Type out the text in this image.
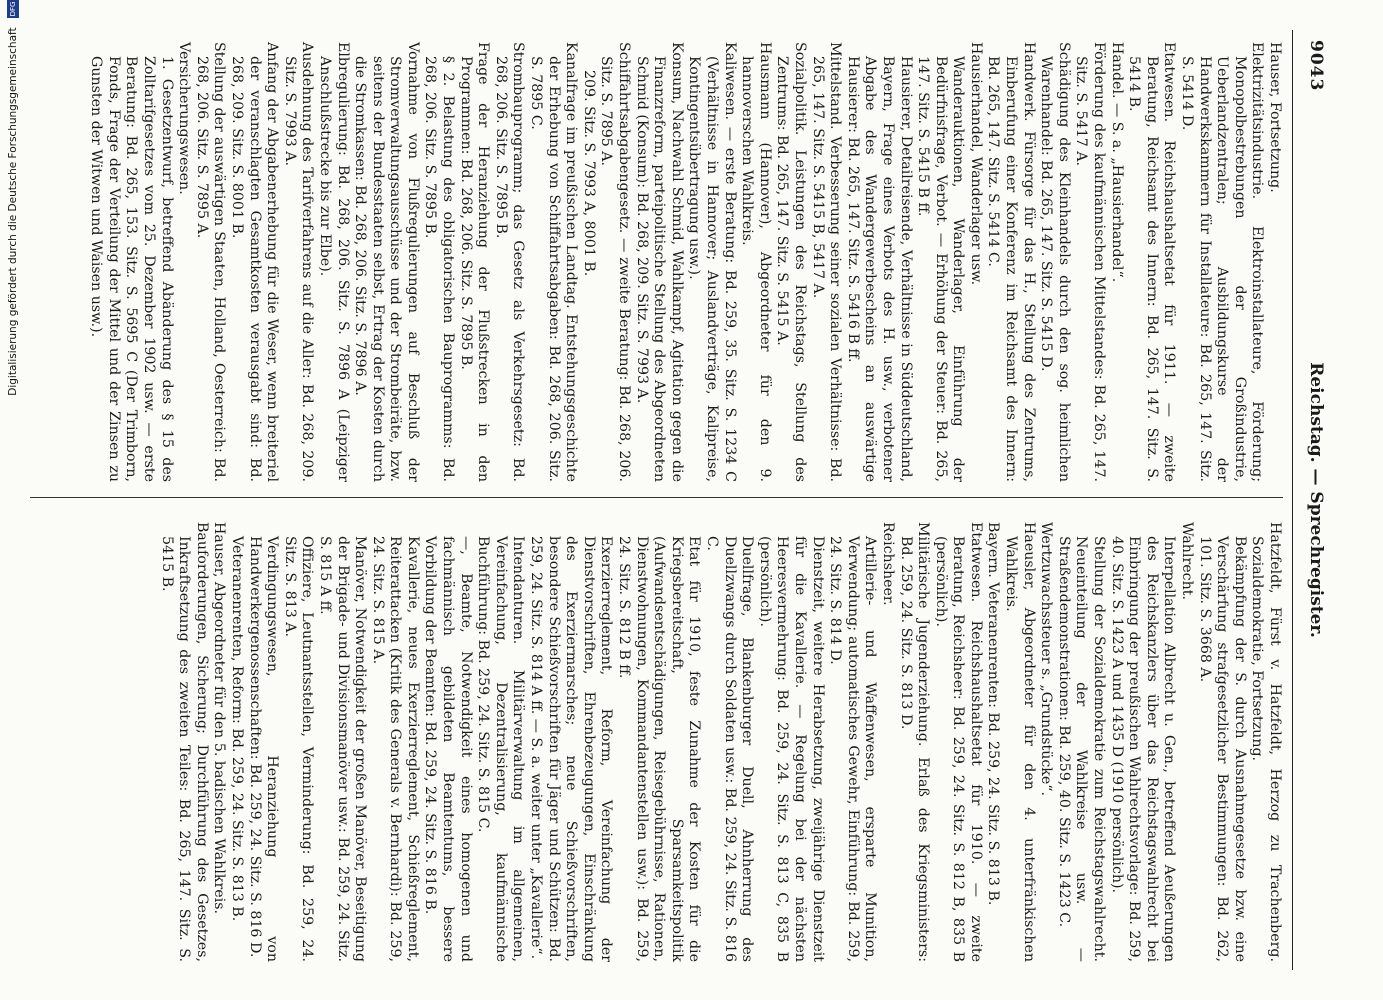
9043
Reichstag. — Sprechregister.

Hauser, Fortsetzung.

Elektrizitätsindustrie. Elektroinstallateure, Förderung; Monopolbestrebungen der Großindustrie, Ueberlandzentralen; Ausbildungskurse der Handwerkskammern für Installateure: Bd. 265, 147. Sitz. S. 5414 D.

Etatwesen. Reichshaushaltsetat für 1911. — zweite Beratung, Reichsamt des Innern: Bd. 265, 147. Sitz. S. 5414 B.

Handel. — S. a. „Hausierhandel“.

Förderung des kaufmännischen Mittelstandes: Bd. 265, 147. Sitz. S. 5417 A.

Schädigung des Kleinhandels durch den sog. heimlichen Warenhandel: Bd. 265, 147. Sitz. S. 5415 D.

Handwerk. Fürsorge für das H., Stellung des Zentrums, Einberufung einer Konferenz im Reichsamt des Innern: Bd. 265, 147. Sitz. S. 5414 C.

Hausierhandel, Wanderlager usw.

Wanderauktionen, Wanderlager, Einführung der Bedürfnisfrage, Verbot. — Erhöhung der Steuer: Bd. 265, 147. Sitz. S. 5415 B ff.

Hausierer, Detailreisende, Verhältnisse in Süddeutschland, Bayern, Frage eines Verbots des H. usw., verbotener Abgabe des Wandergewerbescheins an auswärtige Hausierer: Bd. 265, 147. Sitz. S. 5416 B ff.

Mittelstand. Verbesserung seiner sozialen Verhältnisse: Bd. 265, 147. Sitz. S. 5415 B, 5417 A.

Sozialpolitik. Leistungen des Reichstags, Stellung des Zentrums: Bd. 265, 147. Sitz. S. 5415 A.

Hausmann (Hannover), Abgeordneter für den 9. hannoverschen Wahlkreis.

Kaliwesen. — erste Beratung: Bd. 259, 35. Sitz. S. 1234 C (Verhältnisse in Hannover; Auslandverträge, Kalipreise, Kontingentsübertragung usw.).

Konsum, Nachwahl Schmid, Wahlkampf, Agitation gegen die Finanzreform, parteipolitische Stellung des Abgeordneten Schmid (Konsum): Bd. 268, 209. Sitz. S. 7993 A.

Schiffahrtsabgabengesetz. — zweite Beratung: Bd. 268, 206. Sitz. S. 7895 A.

209. Sitz. S. 7993 A, 8001 B.

Kanalfrage im preußischen Landtag. Entstehungsgeschichte der Erhebung von Schiffahrtsabgaben: Bd. 268, 206. Sitz. S. 7895 C.

Strombauprogramm; das Gesetz als Verkehrsgesetz: Bd. 268, 206. Sitz. S. 7895 B.

Frage der Heranziehung der Flußstrecken in den Programmen: Bd. 268, 206. Sitz. S. 7895 B.

§ 2. Belastung des obligatorischen Bauprogramms: Bd. 268, 206. Sitz. S. 7895 B.

Vornahme von Flußregulierungen auf Beschluß der Stromverwaltungsausschüsse und der Strombeiräte, bzw. seitens der Bundesstaaten selbst, Ertrag der Kosten durch die Stromkassen: Bd. 268, 206. Sitz. S. 7896 A.

Elbregulierung: Bd. 268, 206. Sitz. S. 7896 A (Leipziger Anschlußstrecke bis zur Elbe).

Ausdehnung des Tarifverfahrens auf die Aller: Bd. 268, 209. Sitz. S. 7993 A.

Anfang der Abgabenerhebung für die Weser, wenn breiteriel der veranschlagten Gesamtkosten verausgabt sind: Bd. 268, 209. Sitz. S. 8001 B.

Stellung der auswärtigen Staaten, Holland, Oesterreich: Bd. 268, 206. Sitz. S. 7895 A.

Versicherungswesen.

1. Gesetzentwurf, betreffend Abänderung des § 15 des Zolltarifgesetzes vom 25. Dezember 1902 usw. — erste Beratung: Bd. 265, 153. Sitz. S. 5695 C (Der Trimborn, Fonds, Frage der Verteilung der Mittel und der Zinsen zu Gunsten der Witwen und Waisen usw.).

Hatzfeldt, Fürst v. Hatzfeldt, Herzog zu Trachenberg. Sozialdemokratie, Fortsetzung.

Bekämpfung der S. durch Ausnahmegesetze bzw. eine Verschärfung strafgesetzlicher Bestimmungen: Bd. 262, 101. Sitz. S. 3668 A.

Wahlrecht.

Interpellation Albrecht u. Gen., betreffend Aeußerungen des Reichskanzlers über das Reichstagswahlrecht bei Einbringung der preußischen Wahlrechtsvorlage: Bd. 259, 40. Sitz. S. 1423 A und 1435 D (1910 persönlich).

Stellung der Sozialdemokratie zum Reichstagswahlrecht. Neueinteilung der Wahlkreise usw. — Straßendemonstrationen: Bd. 259, 40. Sitz. S. 1423 C.

Wertzuwachssteuer s. „Grundstücke“.

Haeusler, Abgeordneter für den 4. unterfränkischen Wahlkreis.

Bayern. Veteranenrenten: Bd. 259, 24. Sitz. S. 813 B.

Etatwesen. Reichshaushaltsetat für 1910. — zweite Beratung, Reichsheer: Bd. 259, 24. Sitz. S. 812 B, 835 B (persönlich).

Militärische Jugenderziehung. Erlaß des Kriegsministers: Bd. 259, 24. Sitz. S. 813 D.

Reichsheer.

Artillerie- und Waffenwesen, ersparte Munition, Verwendung; automatisches Gewehr, Einführung: Bd. 259, 24. Sitz. S. 814 D.

Dienstzeit, weitere Herabsetzung, zweijährige Dienstzeit für die Kavallerie. — Regelung bei der nächsten Heeresvermehrung: Bd. 259, 24. Sitz. S. 813 C, 835 B (persönlich).

Duellfrage, Blankenburger Duell, Ahnherrung des Duellzwangs durch Soldaten usw.: Bd. 259, 24. Sitz. S. 816 C.

Etat für 1910, feste Zunahme der Kosten für die Kriegsbereitschaft, Sparsamkeitspolitik (Aufwandsentschädigungen, Reisegebührnisse, Rationen, Dienstwohnungen, Kommandantenstellen usw.): Bd. 259, 24. Sitz. S. 812 B ff.

Exerzierreglement, Reform, Vereinfachung der Dienstvorschriften, Ehrenbezeugungen, Einschränkung des Exerziermarsches; neue Schießvorschriften, besondere Schießvorschriften für Jäger und Schützen: Bd. 259, 24. Sitz. S. 814 A ff. — S. a. weiter unter „Kavallerie“.

Intendanturen. Militärverwaltung im allgemeinen, Vereinfachung, Dezentralisierung, kaufmännische Buchführung: Bd. 259, 24. Sitz. S. 815 C.

—, Beamte, Notwendigkeit eines homogenen und fachmännisch gebildeten Beamtentums, bessere Vorbildung der Beamten: Bd. 259, 24. Sitz. S. 816 B.

Kavallerie, neues Exerzierreglement, Schießreglement, Reiterattacken (Kritik des Generals v. Bernhardi): Bd. 259, 24. Sitz. S. 815 A.

Manöver, Notwendigkeit der großen Manöver, Beseitigung der Brigade- und Divisionsmanöver usw.: Bd. 259, 24. Sitz. S. 815 A ff.

Offiziere, Leutnantsstellen, Verminderung: Bd. 259, 24. Sitz. S. 813 A.

Verdingungswesen, Heranziehung von Handwerkergenossenschaften: Bd. 259, 24. Sitz. S. 816 D.

Veteranenrenten, Reform: Bd. 259, 24. Sitz. S. 813 B.

Hauser, Abgeordneter für den 5. badischen Wahlkreis.

Bauforderungen, Sicherung; Durchführung des Gesetzes, Inkraftsetzung des zweiten Teiles: Bd. 265, 147. Sitz. S. 5415 B.

Digitalisierung gefördert durch die Deutsche Forschungsgemeinschaft DFG
